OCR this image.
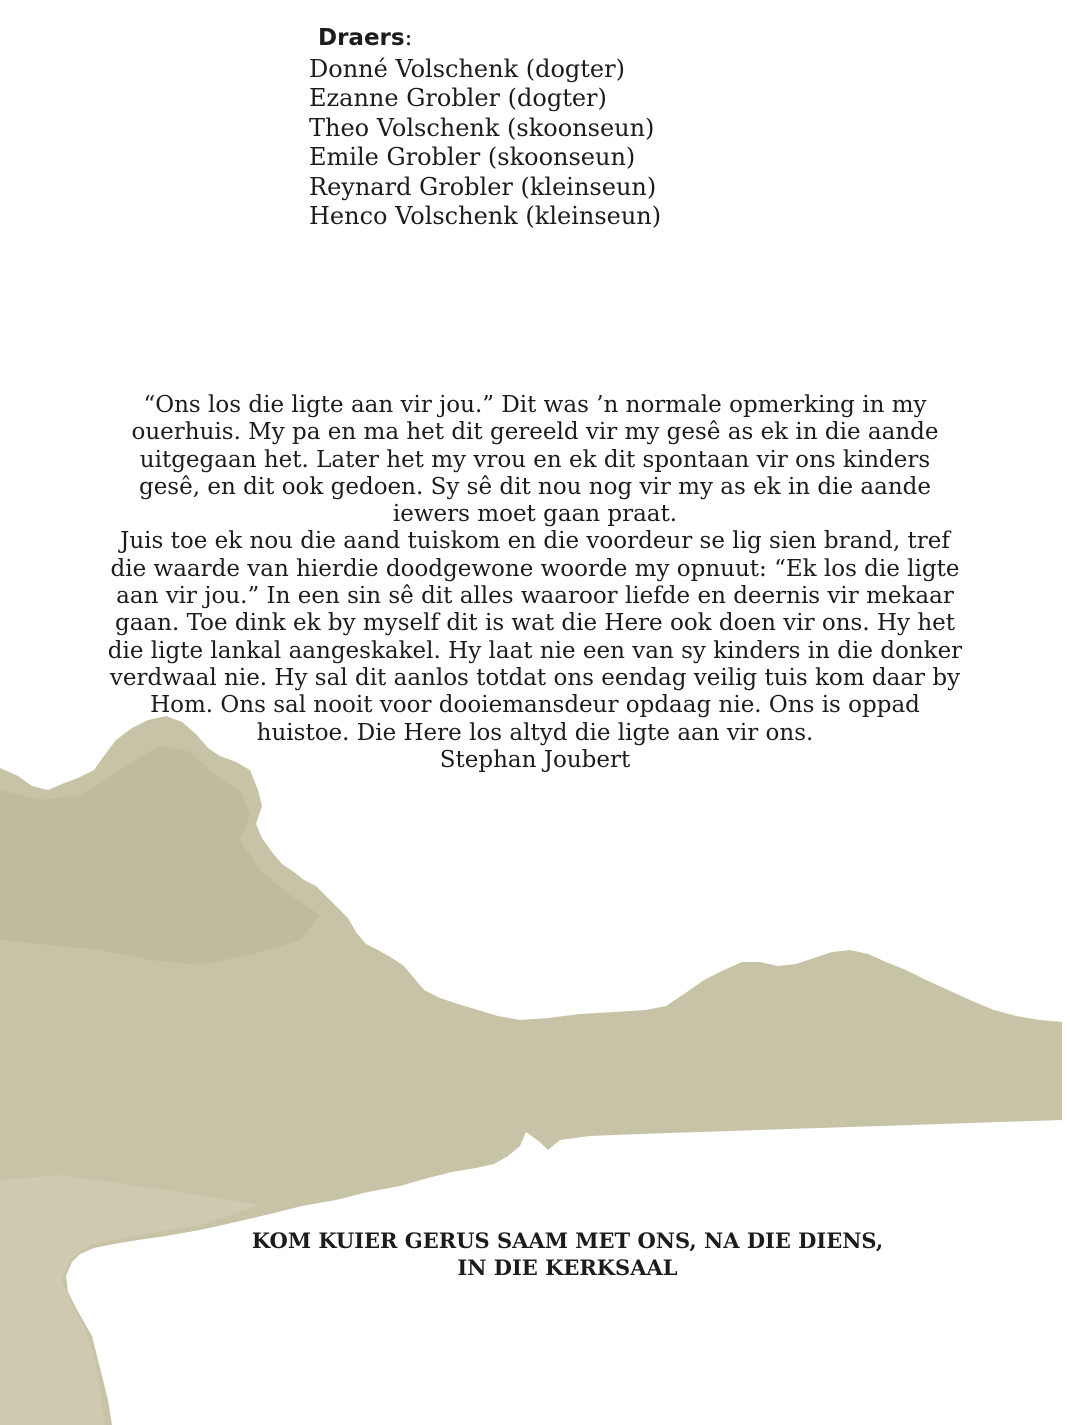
Draers:
Donné Volschenk (dogter)
Ezanne Grobler (dogter)
Theo Volschenk (skoonseun)
Emile Grobler (skoonseun)
Reynard Grobler (kleinseun)
Henco Volschenk (kleinseun)
“Ons los die ligte aan vir jou.” Dit was ’n normale opmerking in my
ouerhuis. My pa en ma het dit gereeld vir my gesê as ek in die aande
uitgegaan het. Later het my vrou en ek dit spontaan vir ons kinders
gesê, en dit ook gedoen. Sy sê dit nou nog vir my as ek in die aande
iewers moet gaan praat.
Juis toe ek nou die aand tuiskom en die voordeur se lig sien brand, tref
die waarde van hierdie doodgewone woorde my opnuut: “Ek los die ligte
aan vir jou.” In een sin sê dit alles waaroor liefde en deernis vir mekaar
gaan. Toe dink ek by myself dit is wat die Here ook doen vir ons. Hy het
die ligte lankal aangeskakel. Hy laat nie een van sy kinders in die donker
verdwaal nie. Hy sal dit aanlos totdat ons eendag veilig tuis kom daar by
Hom. Ons sal nooit voor dooiemansdeur opdaag nie. Ons is oppad
huistoe. Die Here los altyd die ligte aan vir ons.
Stephan Joubert
KOM KUIER GERUS SAAM MET ONS, NA DIE DIENS,
IN DIE KERKSAAL
